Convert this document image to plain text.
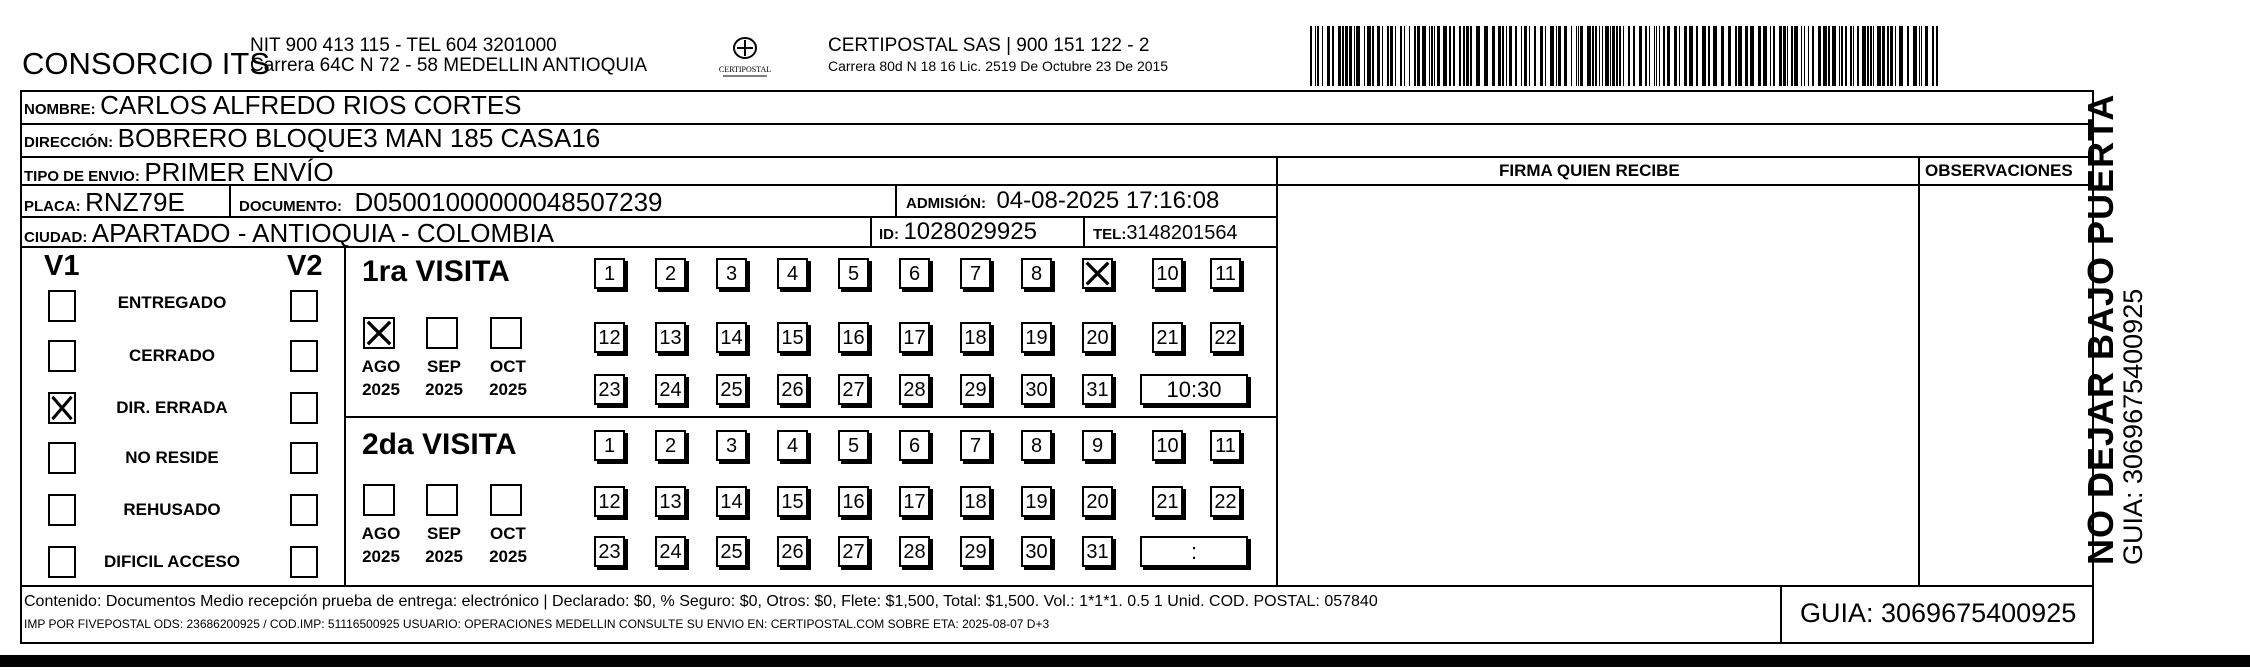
CONSORCIO ITS
NIT 900 413 115 - TEL 604 3201000
Carrera 64C N 72 - 58 MEDELLIN ANTIOQUIA	CERTIPOSTAL
CERTIPOSTAL SAS | 900 151 122 - 2
Carrera 80d N 18 16 Lic. 2519 De Octubre 23 De 2015
NOMBRE: CARLOS ALFREDO RIOS CORTES
DIRECCIÓN: BOBRERO BLOQUE3 MAN 185 CASA16
TIPO DE ENVIO: PRIMER ENVÍO
PLACA: RNZ79E	DOCUMENTO: D05001000000048507239	ADMISIÓN: 04-08-2025 17:16:08
CIUDAD: APARTADO - ANTIOQUIA - COLOMBIA	ID: 1028029925	TEL:3148201564
FIRMA QUIEN RECIBE	OBSERVACIONES
V1	V2
ENTREGADO
CERRADO
DIR. ERRADA
NO RESIDE
REHUSADO
DIFICIL ACCESO
1ra VISITA
AGO
2025
SEP
2025
OCT
2025
1	2	3	4	5	6	7	8	10 11
12 13 14 15 16 17 18 19 20 21 22
23 24 25 26 27 28 29 30 31	10:30
2da VISITA
AGO
2025
SEP
2025
OCT
2025
1	2	3	4	5	6	7	8	9	10 11
12 13 14 15 16 17 18 19 20 21 22
23 24 25 26 27 28 29 30 31	:
Contenido: Documentos Medio recepción prueba de entrega: electrónico | Declarado: $0, % Seguro: $0, Otros: $0, Flete: $1,500, Total: $1,500. Vol.: 1*1*1. 0.5 1 Unid. COD. POSTAL: 057840
IMP POR FIVEPOSTAL ODS: 23686200925 / COD.IMP: 51116500925 USUARIO: OPERACIONES MEDELLIN CONSULTE SU ENVIO EN: CERTIPOSTAL.COM SOBRE ETA: 2025-08-07 D+3	GUIA: 3069675400925
NO DEJAR BAJO PUERTA
GUIA: 3069675400925
